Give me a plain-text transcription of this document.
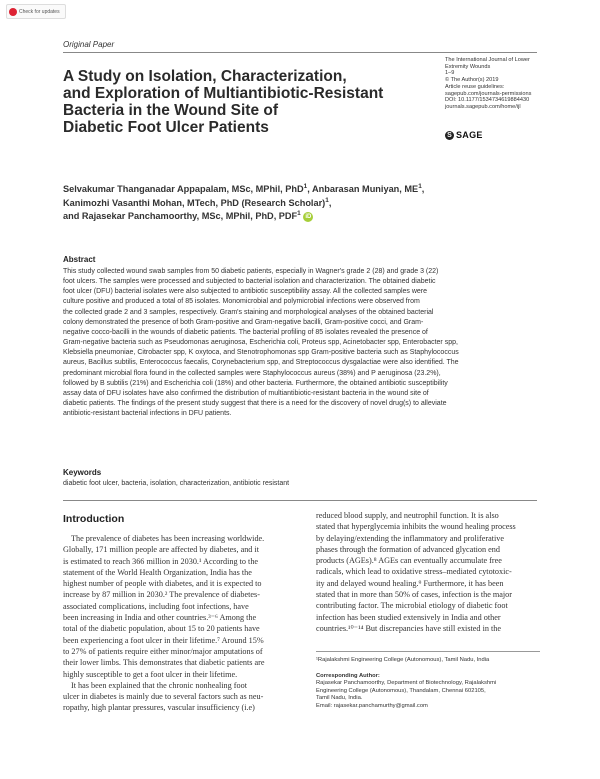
Check for updates
Original Paper
A Study on Isolation, Characterization,
and Exploration of Multiantibiotic-Resistant
Bacteria in the Wound Site of
Diabetic Foot Ulcer Patients
The International Journal of Lower
Extremity Wounds
1–9
© The Author(s) 2019
Article reuse guidelines:
sagepub.com/journals-permissions
DOI: 10.1177/1534734619884430
journals.sagepub.com/home/ijl
S SAGE
Selvakumar Thanganadar Appapalam, MSc, MPhil, PhD$^1$, Anbarasan Muniyan, $ME^1$,
Kanimozhi Vasanthi Mohan, MTech, PhD (Research Scholar)$^1$,
and Rajasekar Panchamoorthy, MSc, MPhil, PhD, PDF$^1$ iD
Abstract

This study collected wound swab samples from 50 diabetic patients, especially in Wagner's grade 2 (28) and grade 3 (22)

foot ulcers. The samples were processed and subjected to bacterial isolation and characterization. The obtained diabetic

foot ulcer (DFU) bacterial isolates were also subjected to antibiotic susceptibility assay. All the collected samples were

culture positive and produced a total of 85 isolates. Monomicrobial and polymicrobial infections were observed from

the collected grade 2 and 3 samples, respectively. Gram's staining and morphological analyses of the obtained bacterial

colony demonstrated the presence of both Gram-positive and Gram-negative bacilli, Gram-positive cocci, and Gram-

negative cocco-bacilli in the wounds of diabetic patients. The bacterial profiling of 85 isolates revealed the presence of

Gram-negative bacteria such as Pseudomonas aeruginosa, Escherichia coli, Proteus spp, Acinetobacter spp, Enterobacter spp,

Klebsiella pneumoniae, Citrobacter spp, K oxytoca, and Stenotrophomonas spp Gram-positive bacteria such as Staphylococcus

aureus, Bacillus subtilis, Enterococcus faecalis, Corynebacterium spp, and Streptococcus dysgalactiae were also identified. The

predominant microbial flora found in the collected samples were Staphylococcus aureus (38%) and P aeruginosa (23.2%),

followed by B subtilis (21%) and Escherichia coli (18%) and other bacteria. Furthermore, the obtained antibiotic susceptibility

assay data of DFU isolates have also confirmed the distribution of multiantibiotic-resistant bacteria in the wound site of

diabetic patients. The findings of the present study suggest that there is a need for the discovery of novel drug(s) to alleviate

antibiotic-resistant bacterial infections in DFU patients.

Keywords
diabetic foot ulcer, bacteria, isolation, characterization, antibiotic resistant
Introduction

The prevalence of diabetes has been increasing worldwide.

Globally, 171 million people are affected by diabetes, and it

is estimated to reach 366 million in 2030.¹ According to the

statement of the World Health Organization, India has the

highest number of people with diabetes, and it is expected to

increase by 87 million in 2030.² The prevalence of diabetes-

associated complications, including foot infections, have

been increasing in India and other countries.³⁻⁶ Among the

total of the diabetic population, about 15 to 20 patients have

been experiencing a foot ulcer in their lifetime.⁷ Around 15%

to 27% of patients require either minor/major amputations of

their lower limbs. This demonstrates that diabetic patients are

highly susceptible to get a foot ulcer in their lifetime.

It has been explained that the chronic nonhealing foot

ulcer in diabetes is mainly due to several factors such as neu-

ropathy, high plantar pressures, vascular insufficiency (i.e)

reduced blood supply, and neutrophil function. It is also

stated that hyperglycemia inhibits the wound healing process

by delaying/extending the inflammatory and proliferative

phases through the formation of advanced glycation end

products (AGEs).⁸ AGEs can eventually accumulate free

radicals, which lead to oxidative stress–mediated cytotoxic-

ity and delayed wound healing.⁹ Furthermore, it has been

stated that in more than 50% of cases, infection is the major

contributing factor. The microbial etiology of diabetic foot

infection has been studied extensively in India and other

countries.¹⁰⁻¹⁴ But discrepancies have still existed in the

¹Rajalakshmi Engineering College (Autonomous), Tamil Nadu, India
Corresponding Author:
Rajasekar Panchamoorthy, Department of Biotechnology, Rajalakshmi
Engineering College (Autonomous), Thandalam, Chennai 602105,
Tamil Nadu, India.
Email: rajasekar.panchamurthy@gmail.com
